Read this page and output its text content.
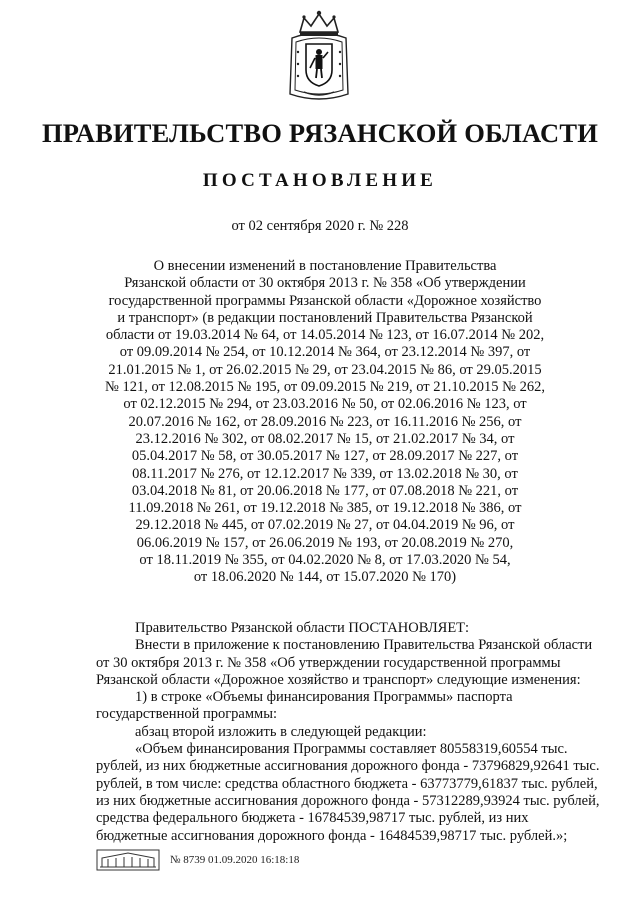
ПРАВИТЕЛЬСТВО РЯЗАНСКОЙ ОБЛАСТИ
ПОСТАНОВЛЕНИЕ
от 02 сентября 2020 г. № 228
О внесении изменений в постановление Правительства
Рязанской области от 30 октября 2013 г. № 358 «Об утверждении
государственной программы Рязанской области «Дорожное хозяйство
и транспорт» (в редакции постановлений Правительства Рязанской
области от 19.03.2014 № 64, от 14.05.2014 № 123, от 16.07.2014 № 202,
от 09.09.2014 № 254, от 10.12.2014 № 364, от 23.12.2014 № 397, от
21.01.2015 № 1, от 26.02.2015 № 29, от 23.04.2015 № 86, от 29.05.2015
№ 121, от 12.08.2015 № 195, от 09.09.2015 № 219, от 21.10.2015 № 262,
от 02.12.2015 № 294, от 23.03.2016 № 50, от 02.06.2016 № 123, от
20.07.2016 № 162, от 28.09.2016 № 223, от 16.11.2016 № 256, от
23.12.2016 № 302, от 08.02.2017 № 15, от 21.02.2017 № 34, от
05.04.2017 № 58, от 30.05.2017 № 127, от 28.09.2017 № 227, от
08.11.2017 № 276, от 12.12.2017 № 339, от 13.02.2018 № 30, от
03.04.2018 № 81, от 20.06.2018 № 177, от 07.08.2018 № 221, от
11.09.2018 № 261, от 19.12.2018 № 385, от 19.12.2018 № 386, от
29.12.2018 № 445, от 07.02.2019 № 27, от 04.04.2019 № 96, от
06.06.2019 № 157, от 26.06.2019 № 193, от 20.08.2019 № 270,
от 18.11.2019 № 355, от 04.02.2020 № 8, от 17.03.2020 № 54,
от 18.06.2020 № 144, от 15.07.2020 № 170)
Правительство Рязанской области ПОСТАНОВЛЯЕТ:
Внести в приложение к постановлению Правительства Рязанской области
от 30 октября 2013 г. № 358 «Об утверждении государственной программы
Рязанской области «Дорожное хозяйство и транспорт» следующие изменения:
1) в строке «Объемы финансирования Программы» паспорта
государственной программы:
абзац второй изложить в следующей редакции:
«Объем финансирования Программы составляет 80558319,60554 тыс.
рублей, из них бюджетные ассигнования дорожного фонда - 73796829,92641 тыс.
рублей, в том числе: средства областного бюджета - 63773779,61837 тыс. рублей,
из них бюджетные ассигнования дорожного фонда - 57312289,93924 тыс. рублей,
средства федерального бюджета - 16784539,98717 тыс. рублей, из них
бюджетные ассигнования дорожного фонда - 16484539,98717 тыс. рублей.»;
№ 8739 01.09.2020 16:18:18
